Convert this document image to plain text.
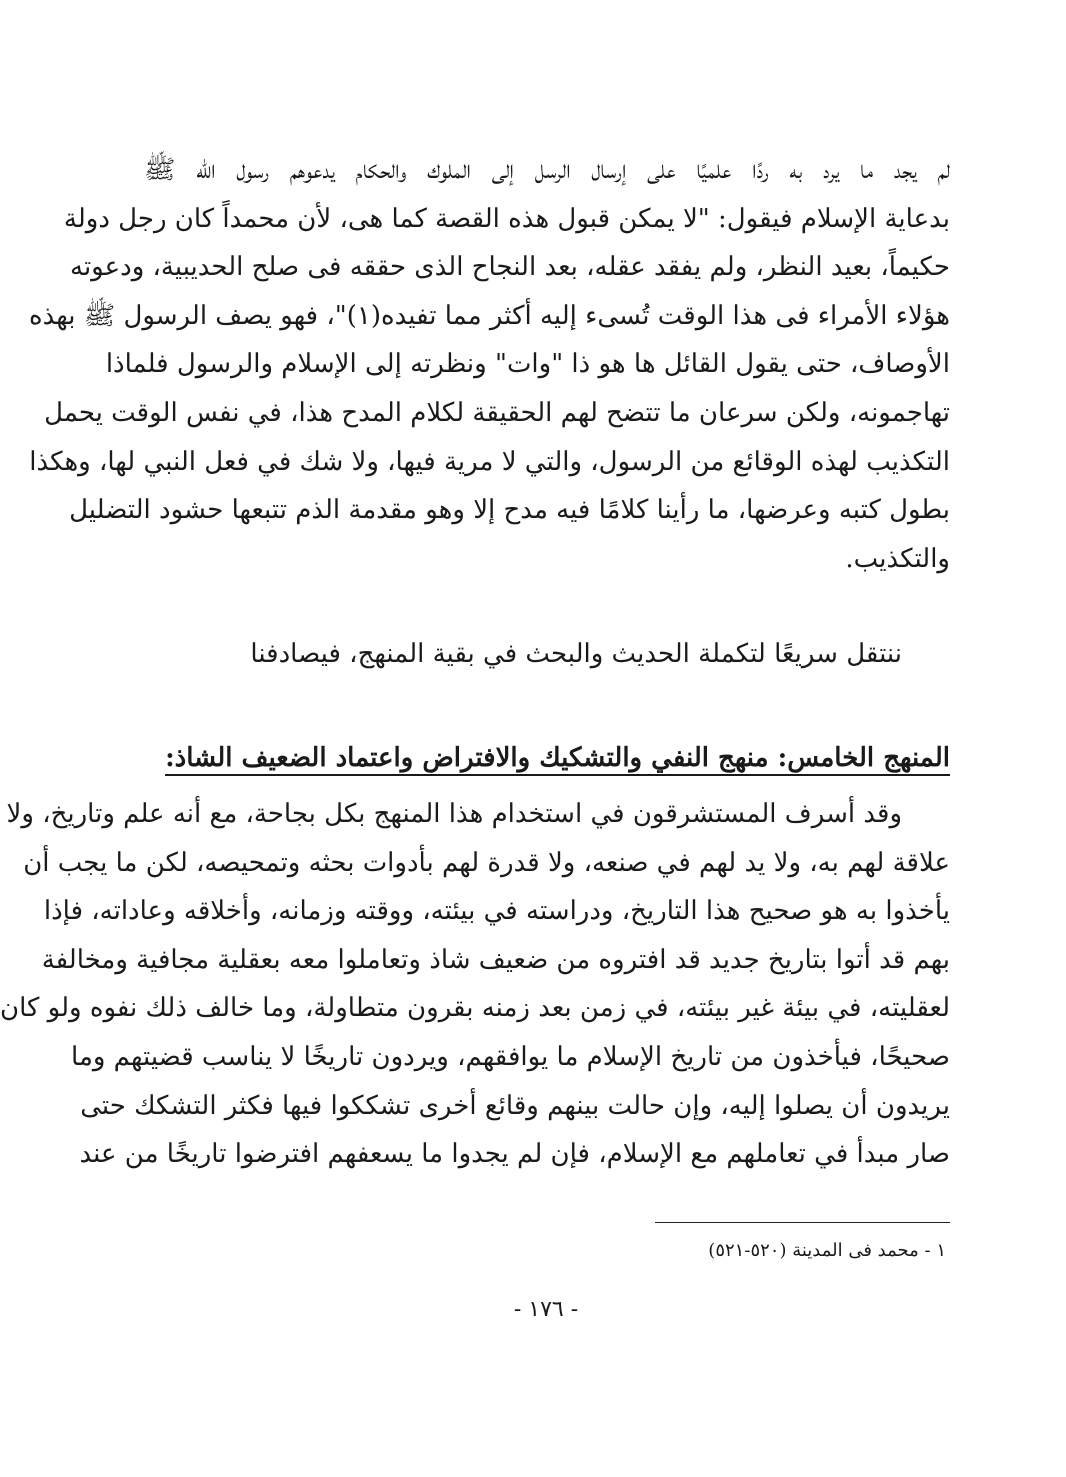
لم يجد ما يرد به ردًا علميًا على إرسال الرسل إلى الملوك والحكام يدعوهم رسول الله ﷺ
بدعاية الإسلام فيقول: "لا يمكن قبول هذه القصة كما هى، لأن محمداً كان رجل دولة
حكيماً، بعيد النظر، ولم يفقد عقله، بعد النجاح الذى حققه فى صلح الحديبية، ودعوته
هؤلاء الأمراء فى هذا الوقت تُسىء إليه أكثر مما تفيده(١)"، فهو يصف الرسول ﷺ بهذه
الأوصاف، حتى يقول القائل ها هو ذا "وات" ونظرته إلى الإسلام والرسول فلماذا
تهاجمونه، ولكن سرعان ما تتضح لهم الحقيقة لكلام المدح هذا، في نفس الوقت يحمل
التكذيب لهذه الوقائع من الرسول، والتي لا مرية فيها، ولا شك في فعل النبي لها، وهكذا
بطول كتبه وعرضها، ما رأينا كلامًا فيه مدح إلا وهو مقدمة الذم تتبعها حشود التضليل
والتكذيب.
ننتقل سريعًا لتكملة الحديث والبحث في بقية المنهج، فيصادفنا
المنهج الخامس: منهج النفي والتشكيك والافتراض واعتماد الضعيف الشاذ:
وقد أسرف المستشرقون في استخدام هذا المنهج بكل بجاحة، مع أنه علم وتاريخ، ولا
علاقة لهم به، ولا يد لهم في صنعه، ولا قدرة لهم بأدوات بحثه وتمحيصه، لكن ما يجب أن
يأخذوا به هو صحيح هذا التاريخ، ودراسته في بيئته، ووقته وزمانه، وأخلاقه وعاداته، فإذا
بهم قد أتوا بتاريخ جديد قد افتروه من ضعيف شاذ وتعاملوا معه بعقلية مجافية ومخالفة
لعقليته، في بيئة غير بيئته، في زمن بعد زمنه بقرون متطاولة، وما خالف ذلك نفوه ولو كان
صحيحًا، فيأخذون من تاريخ الإسلام ما يوافقهم، ويردون تاريخًا لا يناسب قضيتهم وما
يريدون أن يصلوا إليه، وإن حالت بينهم وقائع أخرى تشككوا فيها فكثر التشكك حتى
صار مبدأ في تعاملهم مع الإسلام، فإن لم يجدوا ما يسعفهم افترضوا تاريخًا من عند
١ - محمد فى المدينة (٥٢٠-٥٢١)
- ١٧٦ -
